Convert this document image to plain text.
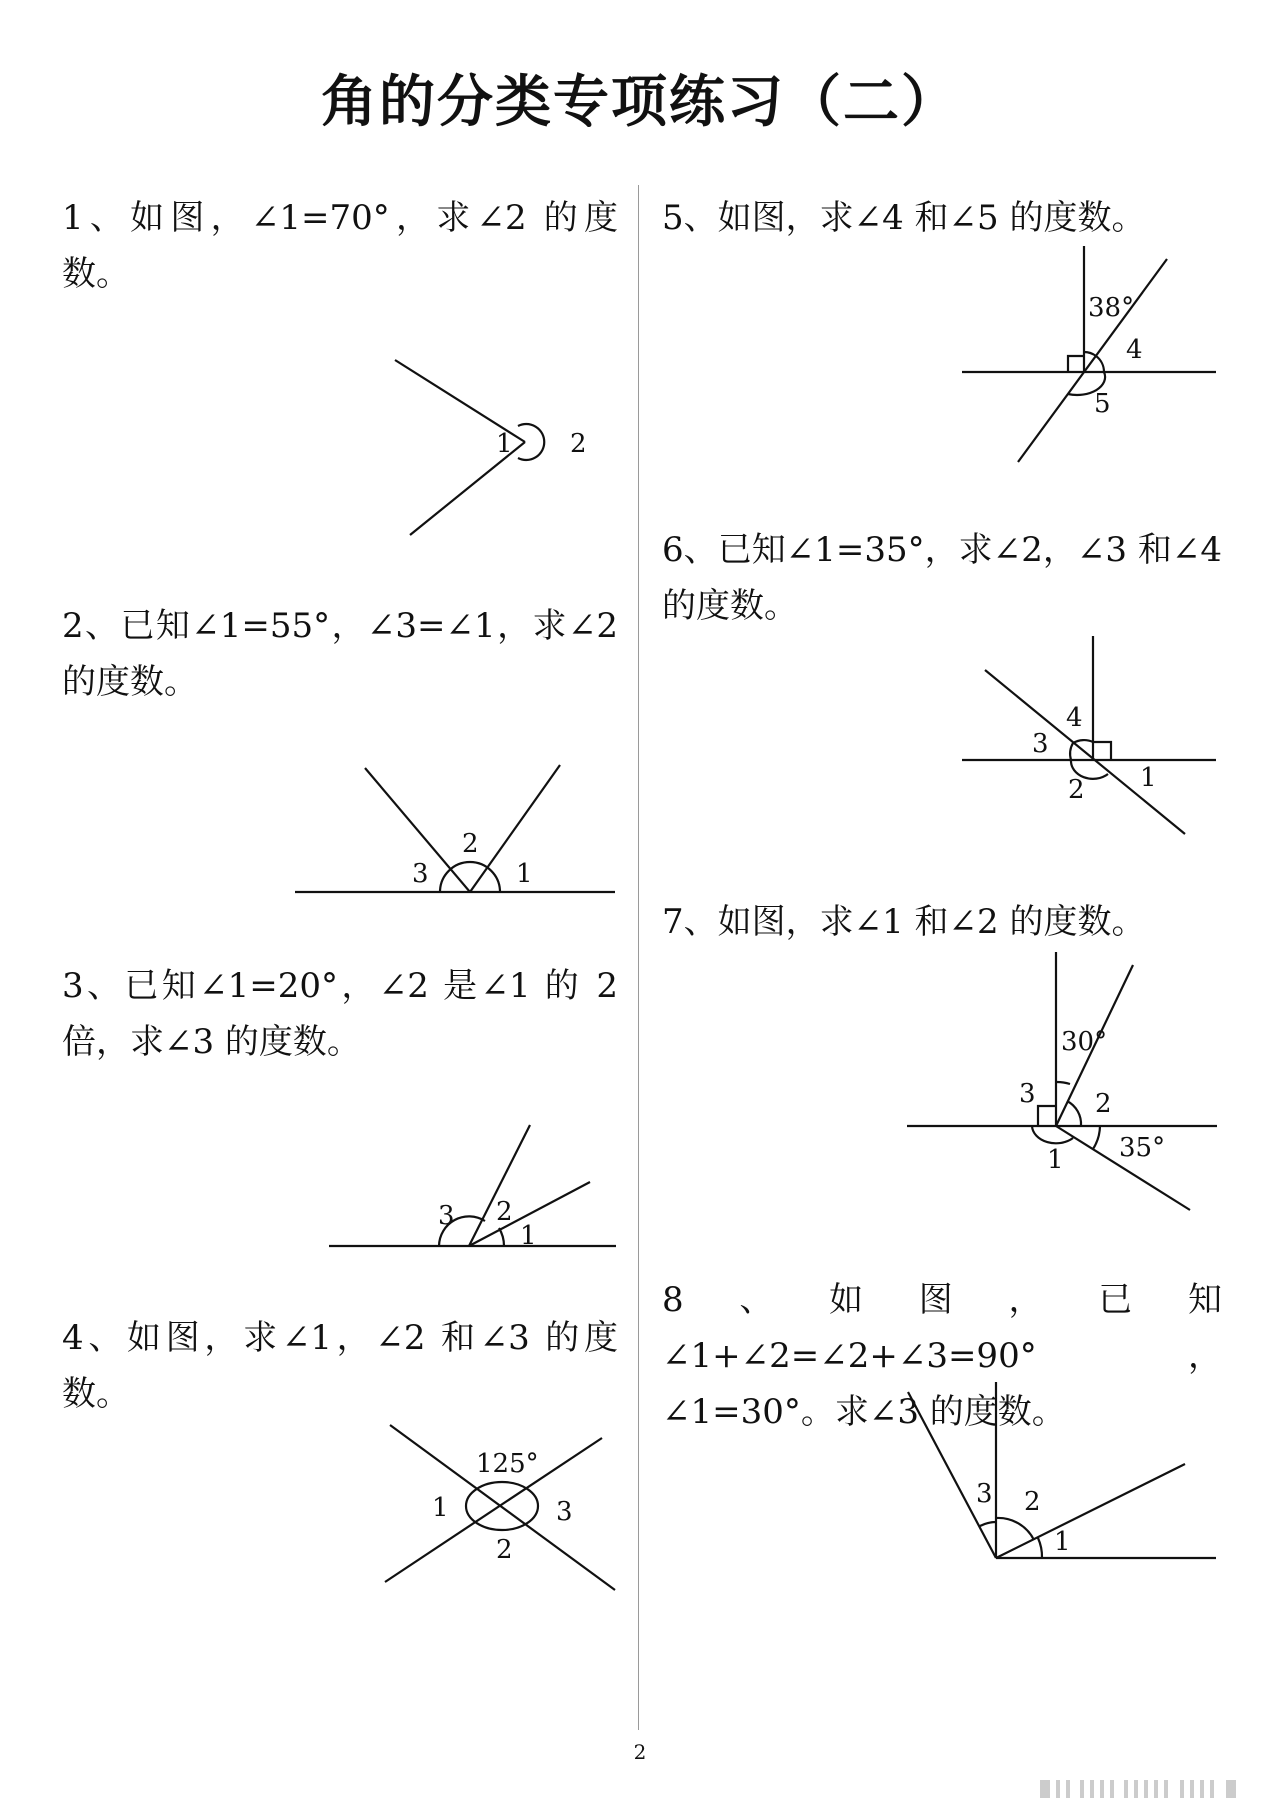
角的分类专项练习（二）

1、如图，∠1=70°，求∠2 的度数。

2、已知∠1=55°，∠3=∠1，求∠2 的度数。

3、已知∠1=20°，∠2 是∠1 的 2 倍，求∠3 的度数。

4、如图，求∠1，∠2 和∠3 的度数。

5、如图，求∠4 和∠5 的度数。

6、已知∠1=35°，求∠2，∠3 和∠4 的度数。

7、如图，求∠1 和∠2 的度数。

8、如图，已知∠1+∠2=∠2+∠3=90°，∠1=30°。求∠3 的度数。

1 2
3
2
1
3 2
1
125°
1	3
2
38°
4
5
4
3
2 1
30°
3 2
35°
1
3 2
1
2
